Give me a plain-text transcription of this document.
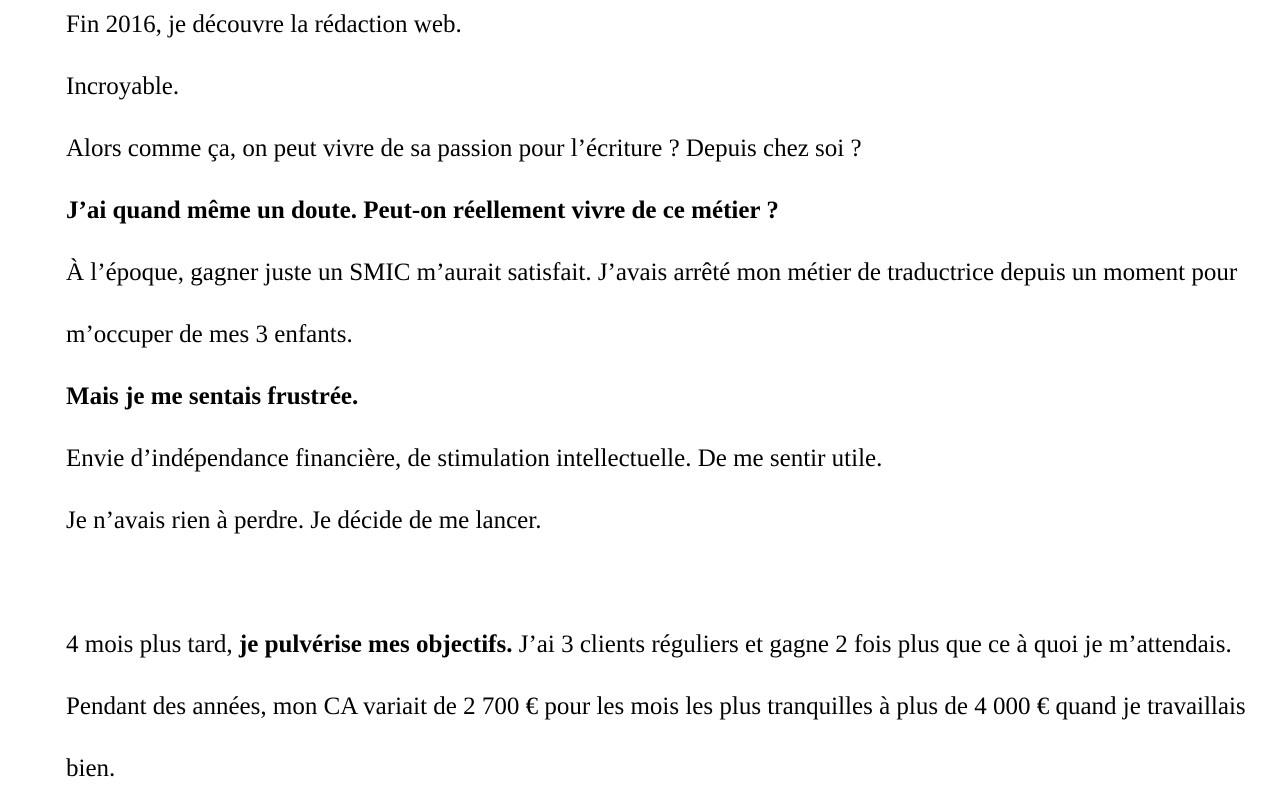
Fin 2016, je découvre la rédaction web.
Incroyable.
Alors comme ça, on peut vivre de sa passion pour l’écriture ? Depuis chez soi ?
J’ai quand même un doute. Peut-on réellement vivre de ce métier ?
À l’époque, gagner juste un SMIC m’aurait satisfait. J’avais arrêté mon métier de traductrice depuis un moment pour
m’occuper de mes 3 enfants.
Mais je me sentais frustrée.
Envie d’indépendance financière, de stimulation intellectuelle. De me sentir utile.
Je n’avais rien à perdre. Je décide de me lancer.

4 mois plus tard, je pulvérise mes objectifs. J’ai 3 clients réguliers et gagne 2 fois plus que ce à quoi je m’attendais.
Pendant des années, mon CA variait de 2 700 € pour les mois les plus tranquilles à plus de 4 000 € quand je travaillais
bien.
